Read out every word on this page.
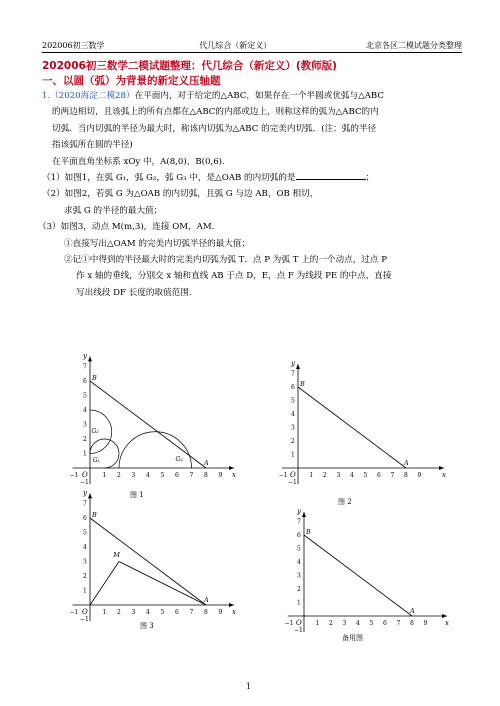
202006初三数学	代几综合（新定义）	北京各区二模试题分类整理
202006初三数学二模试题整理：代几综合（新定义）(教师版)
一、以圆（弧）为背景的新定义压轴题
1.（2020海淀二模28）在平面内，对于给定的△ABC，如果存在一个半圆或优弧与△ABC
的两边相切，且该弧上的所有点都在△ABC的内部或边上，则称这样的弧为△ABC的内
切弧．当内切弧的半径为最大时，称该内切弧为△ABC 的完美内切弧．(注：弧的半径
指该弧所在圆的半径)
在平面直角坐标系 xOy 中，A(8,0)，B(0,6).
（1）如图1，在弧 G₁，弧 G₂，弧 G₃ 中，是△OAB 的内切弧的是	；
（2）如图2，若弧 G 为△OAB 的内切弧，且弧 G 与边 AB，OB 相切，
求弧 G 的半径的最大值；
（3）如图3，动点 M(m,3)，连接 OM，AM.
①直接写出△OAM 的完美内切弧半径的最大值；
②记①中得到的半径最大时的完美内切弧为弧 T．点 P 为弧 T 上的一个动点，过点 P
作 x 轴的垂线，分别交 x 轴和直线 AB 于点 D，E，点 F 为线段 PE 的中点，直接
写出线段 DF 长度的取值范围.
x
y
1 2 3 4 5 6 7 8 9
1
2
3
4
5
6
7
O
−1
−1
B
A
G₁
G₂
G₃
图 1
x
y
1 2 3 4 5 6 7 8 9
1
2
3
4
5
6
7
O
−1
−1
B
A
图 2
x
y
1 2 3 4 5 6 7 8 9
1
2
3
4
5
6
7
O
−1
−1
B
A
M
图 3	x
y
1 2 3 4 5 6 7 8 9
1
2
3
4
5
6
7
O
−1
−1
B
A
备用图
1
